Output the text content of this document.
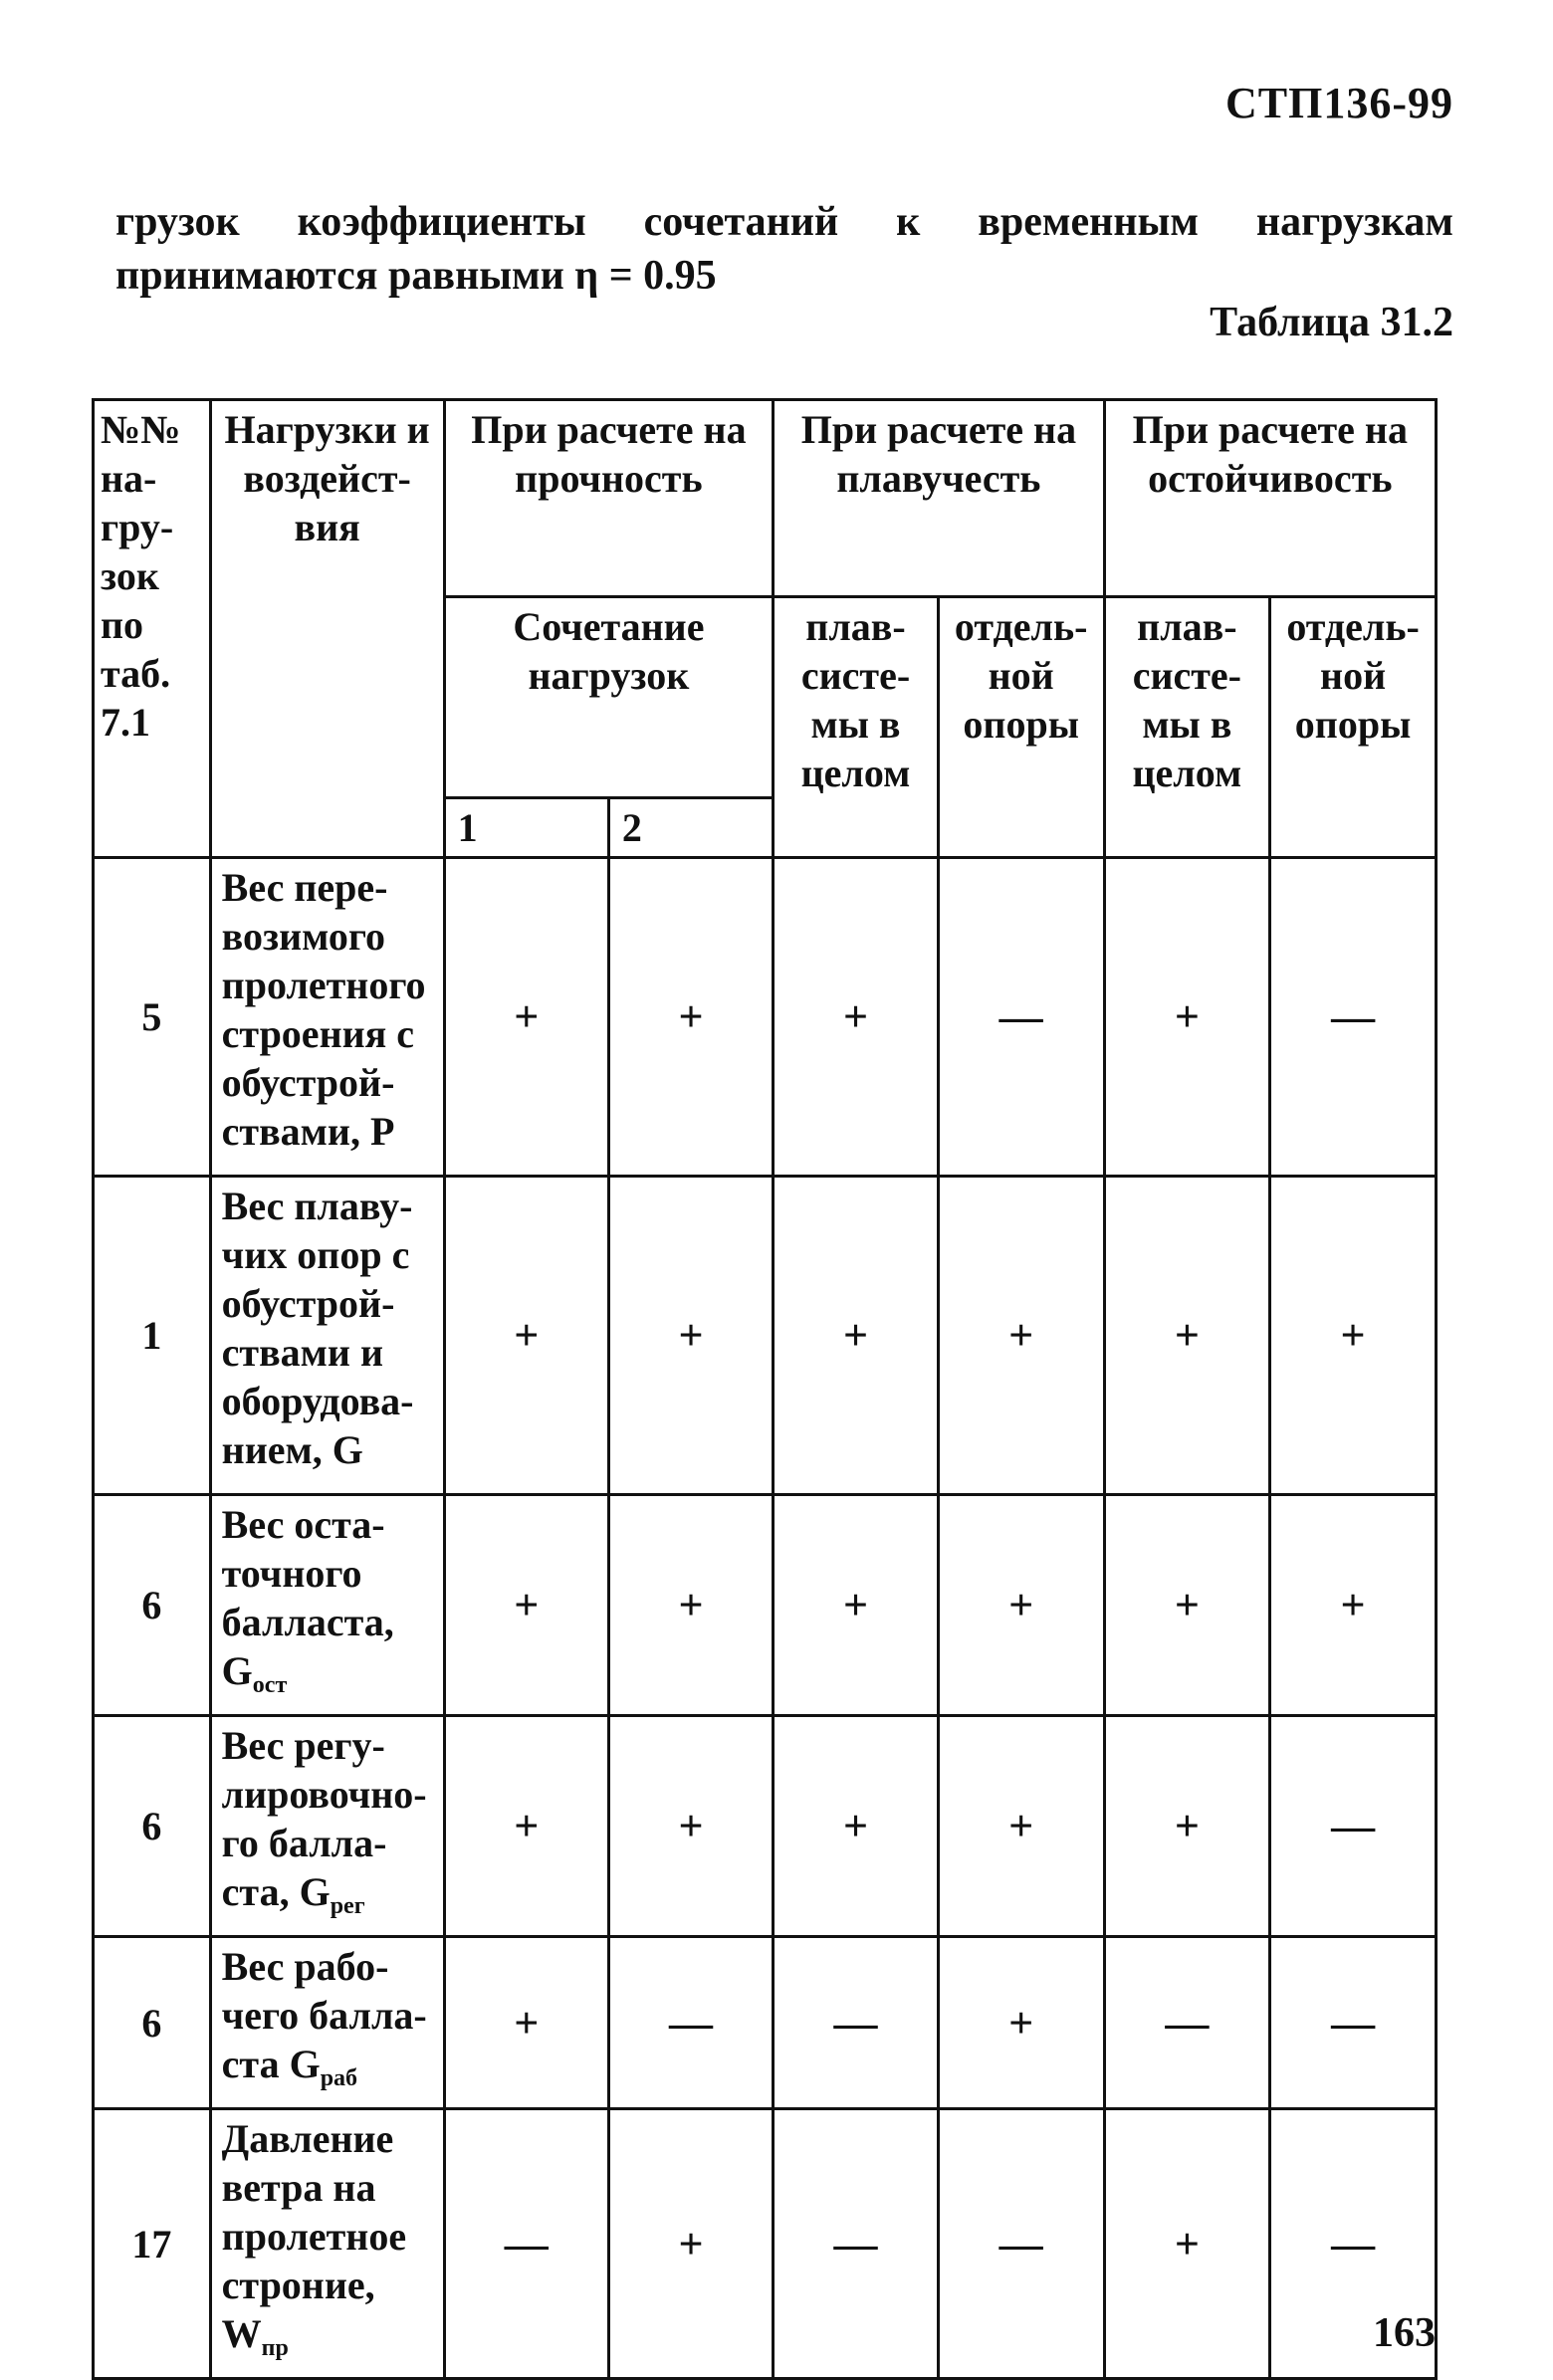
СТП136-99
грузок коэффициенты сочетаний к временным нагрузкам принимаются равными η = 0.95
Таблица 31.2
№№ на-гру-зок по таб. 7.1	Нагрузки и воздейст-вия	При расчете на прочность		При расчете на плавучесть		При расчете на остойчивость	
		Сочетание нагрузок		плав-систе-мы в целом	отдель-ной опоры	плав-систе-мы в целом	отдель-ной опоры
		1	2				
5	Вес пере-возимого пролетного строения с обустрой-ствами, P	+	+	+	—	+	—
1	Вес плаву-чих опор с обустрой-ствами и оборудова-нием, G	+	+	+	+	+	+
6	Вес оста-точного балласта, $G_{ост}$	+	+	+	+	+	+
6	Вес регу-лировочно-го балла-ста, $G_{рег}$	+	+	+	+	+	—
6	Вес рабо-чего балла-ста $G_{раб}$	+	—	—	+	—	—
17	Давление ветра на пролетное строние, $W_{пр}$	—	+	—	—	+	—
163
